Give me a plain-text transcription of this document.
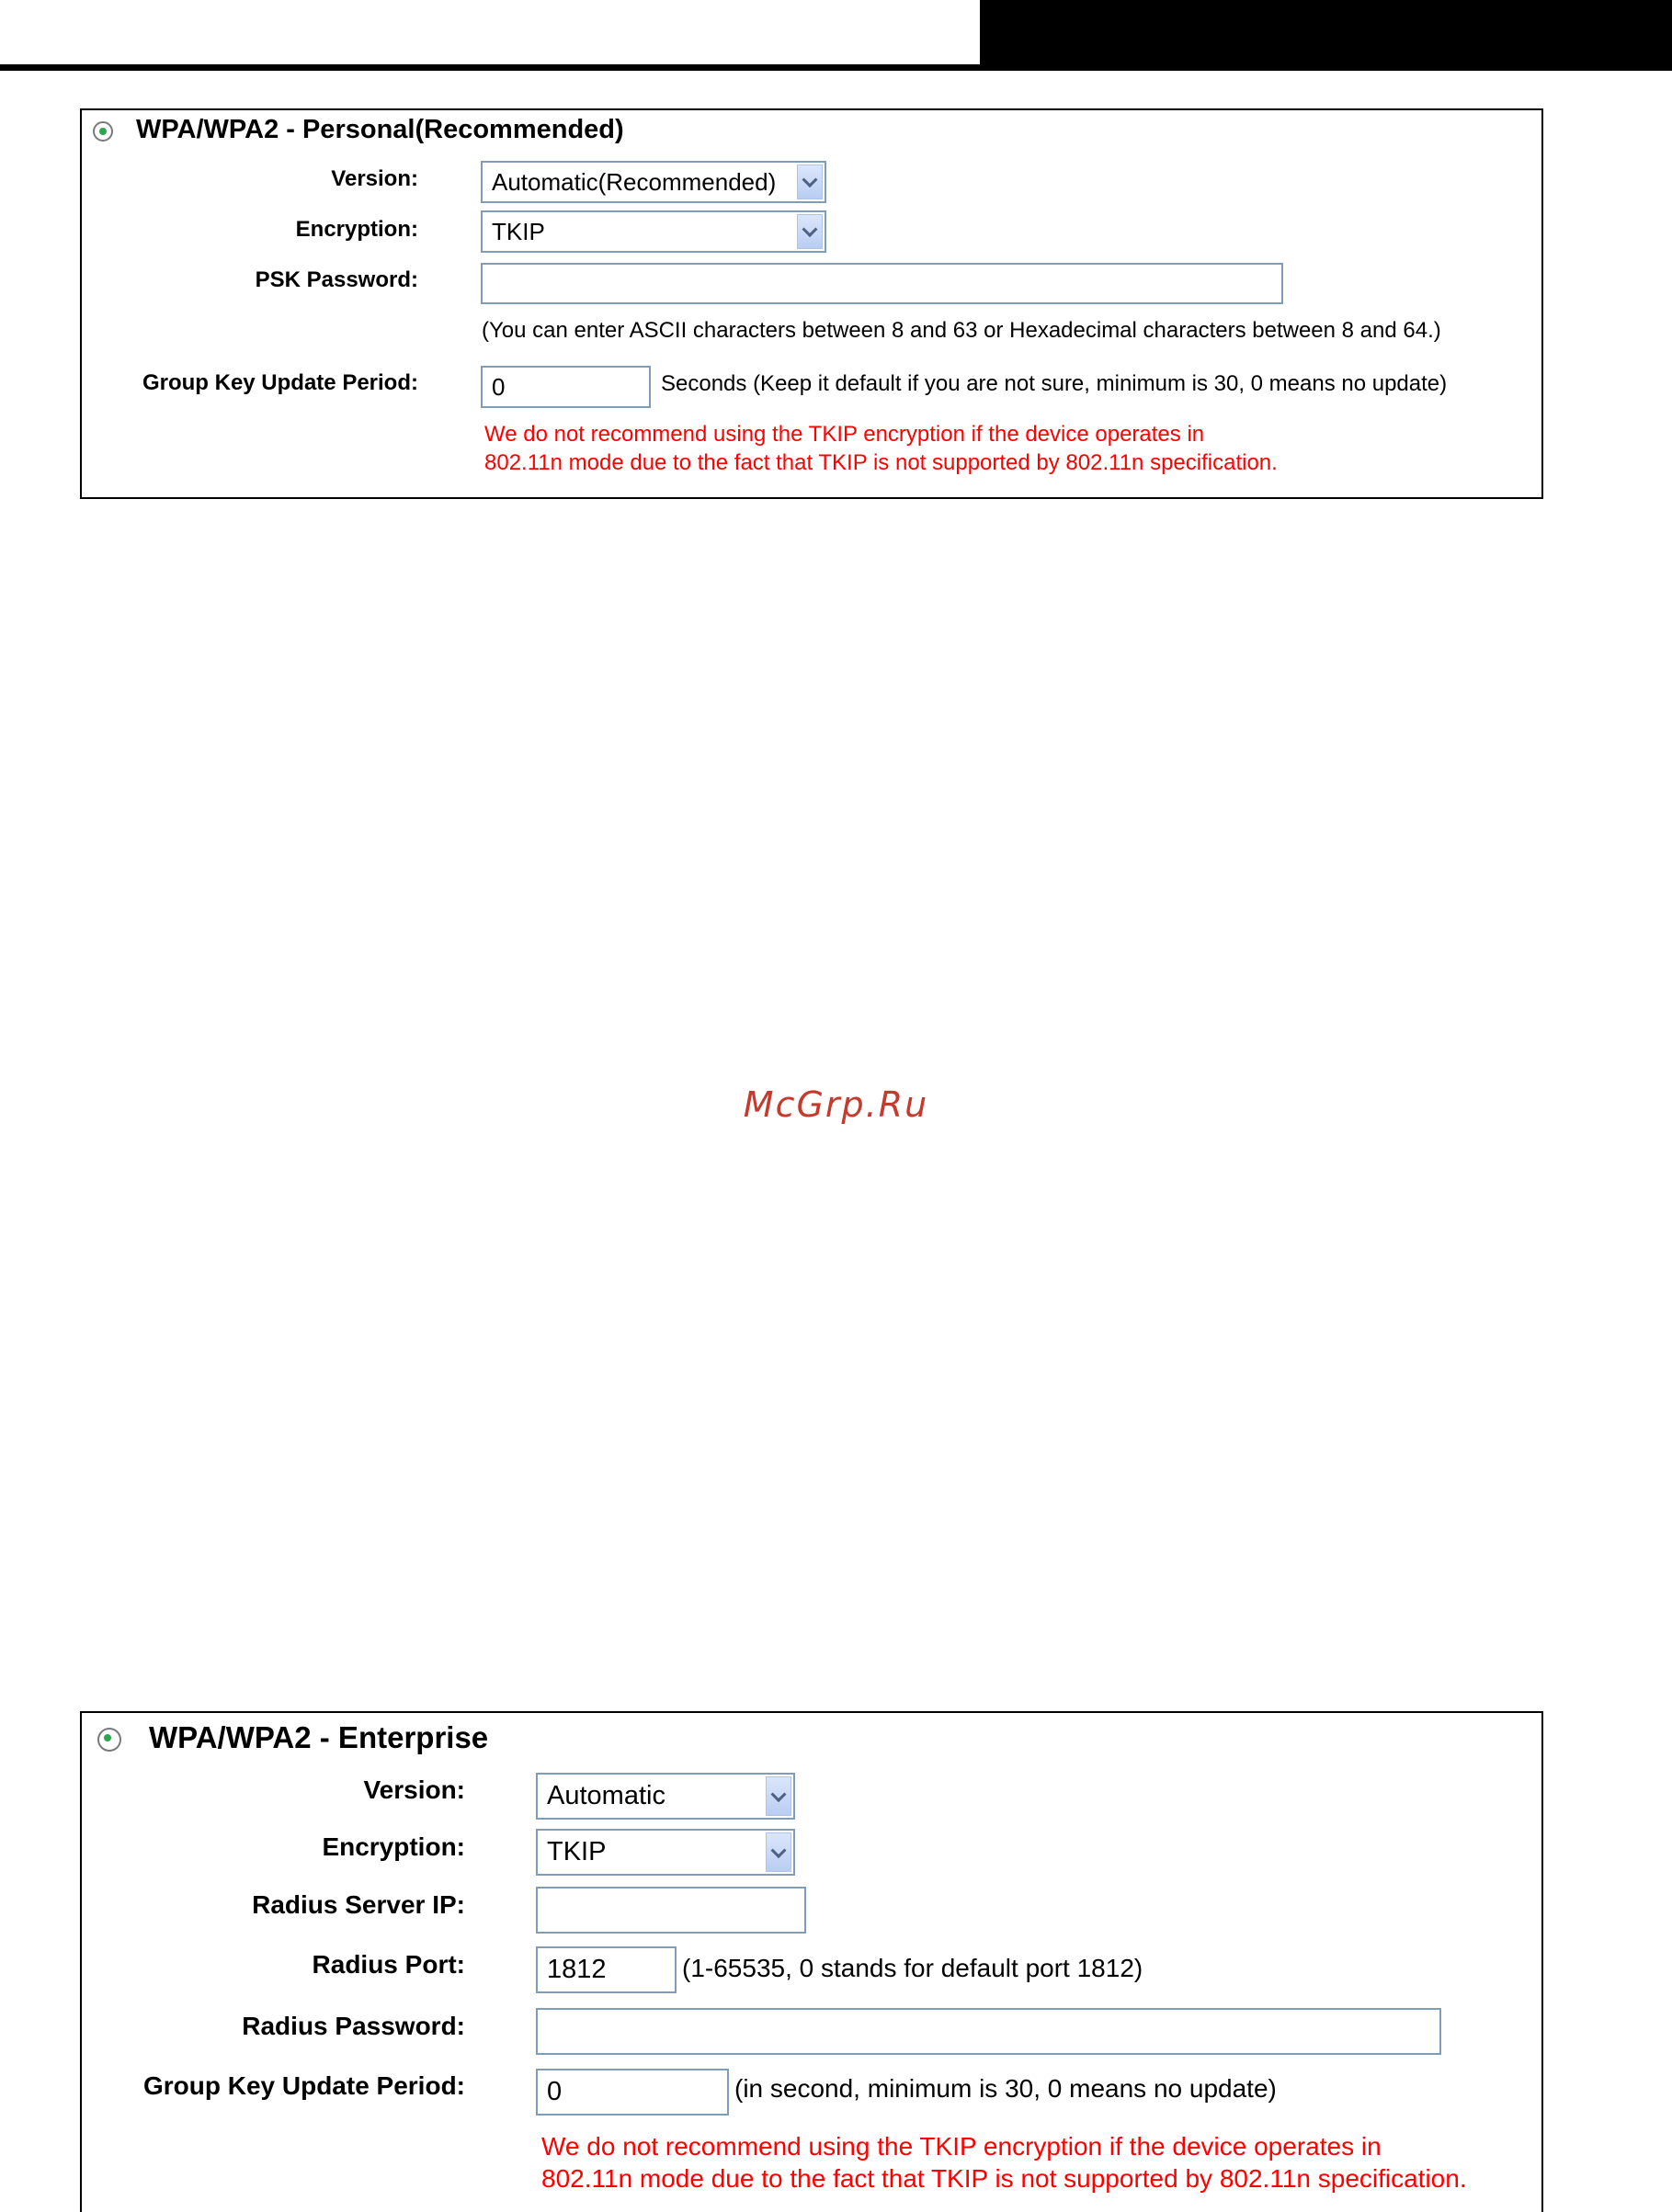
WPA/WPA2 - Personal(Recommended)
Version:	Automatic(Recommended)
Encryption:	TKIP
PSK Password:
(You can enter ASCII characters between 8 and 63 or Hexadecimal characters between 8 and 64.)
Group Key Update Period:	0	Seconds (Keep it default if you are not sure, minimum is 30, 0 means no update)
We do not recommend using the TKIP encryption if the device operates in
802.11n mode due to the fact that TKIP is not supported by 802.11n specification.
McGrp.Ru
WPA/WPA2 - Enterprise
Version:	Automatic
Encryption:	TKIP
Radius Server IP:
Radius Port:	1812	(1-65535, 0 stands for default port 1812)
Radius Password:
Group Key Update Period:	0	(in second, minimum is 30, 0 means no update)
We do not recommend using the TKIP encryption if the device operates in
802.11n mode due to the fact that TKIP is not supported by 802.11n specification.
